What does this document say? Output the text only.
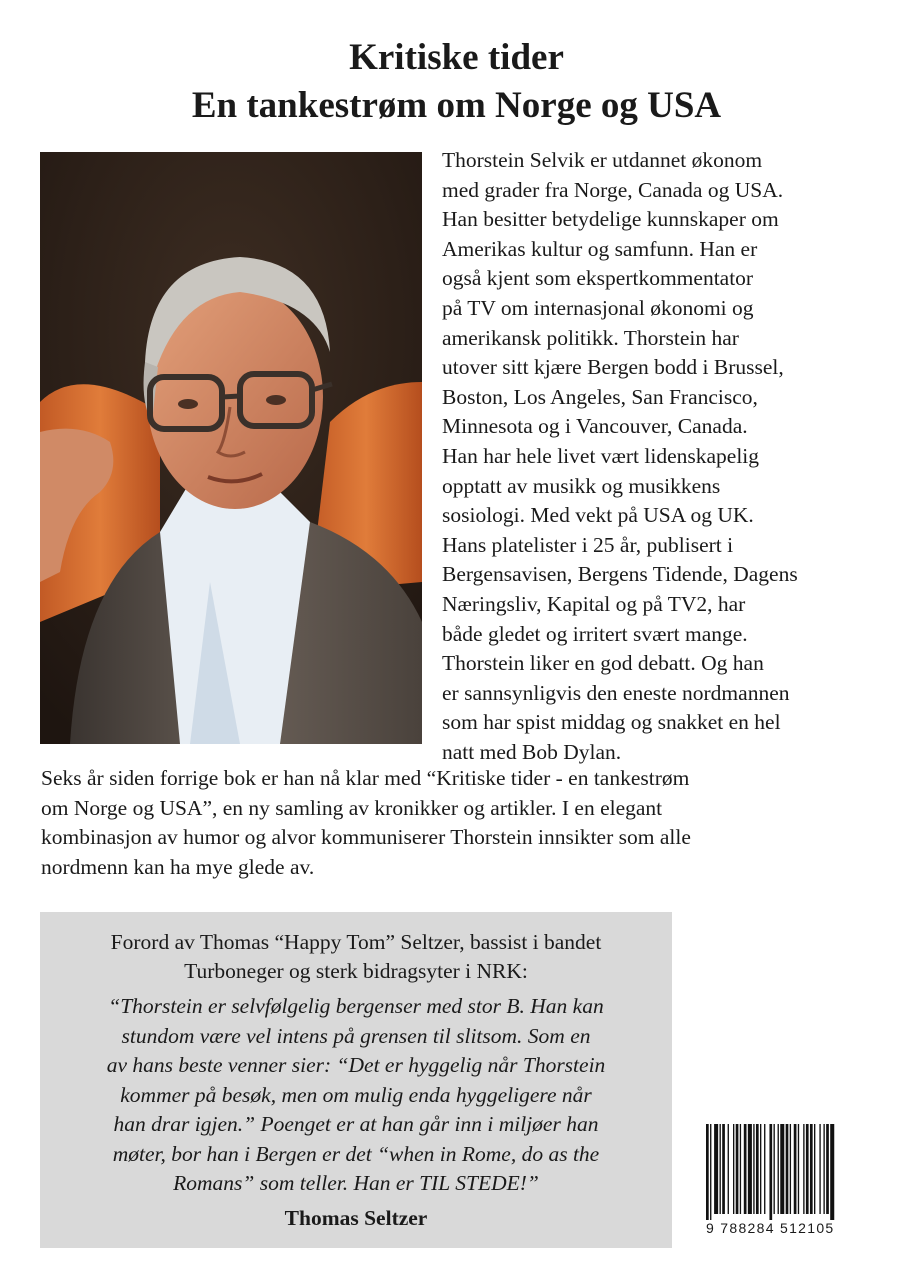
Kritiske tider
En tankestrøm om Norge og USA
Thorstein Selvik er utdannet økonom
med grader fra Norge, Canada og USA.
Han besitter betydelige kunnskaper om
Amerikas kultur og samfunn. Han er
også kjent som ekspertkommentator
på TV om internasjonal økonomi og
amerikansk politikk. Thorstein har
utover sitt kjære Bergen bodd i Brussel,
Boston, Los Angeles, San Francisco,
Minnesota og i Vancouver, Canada.
Han har hele livet vært lidenskapelig
opptatt av musikk og musikkens
sosiologi. Med vekt på USA og UK.
Hans platelister i 25 år, publisert i
Bergensavisen, Bergens Tidende, Dagens
Næringsliv, Kapital og på TV2, har
både gledet og irritert svært mange.
Thorstein liker en god debatt. Og han
er sannsynligvis den eneste nordmannen
som har spist middag og snakket en hel
natt med Bob Dylan.
Seks år siden forrige bok er han nå klar med “Kritiske tider - en tankestrøm
om Norge og USA”, en ny samling av kronikker og artikler. I en elegant
kombinasjon av humor og alvor kommuniserer Thorstein innsikter som alle
nordmenn kan ha mye glede av.
Forord av Thomas “Happy Tom” Seltzer, bassist i bandet
Turboneger og sterk bidragsyter i NRK:
“Thorstein er selvfølgelig bergenser med stor B. Han kan
stundom være vel intens på grensen til slitsom. Som en
av hans beste venner sier: “Det er hyggelig når Thorstein
kommer på besøk, men om mulig enda hyggeligere når
han drar igjen.” Poenget er at han går inn i miljøer han
møter, bor han i Bergen er det “when in Rome, do as the
Romans” som teller. Han er TIL STEDE!”
Thomas Seltzer	9 788284 512105
